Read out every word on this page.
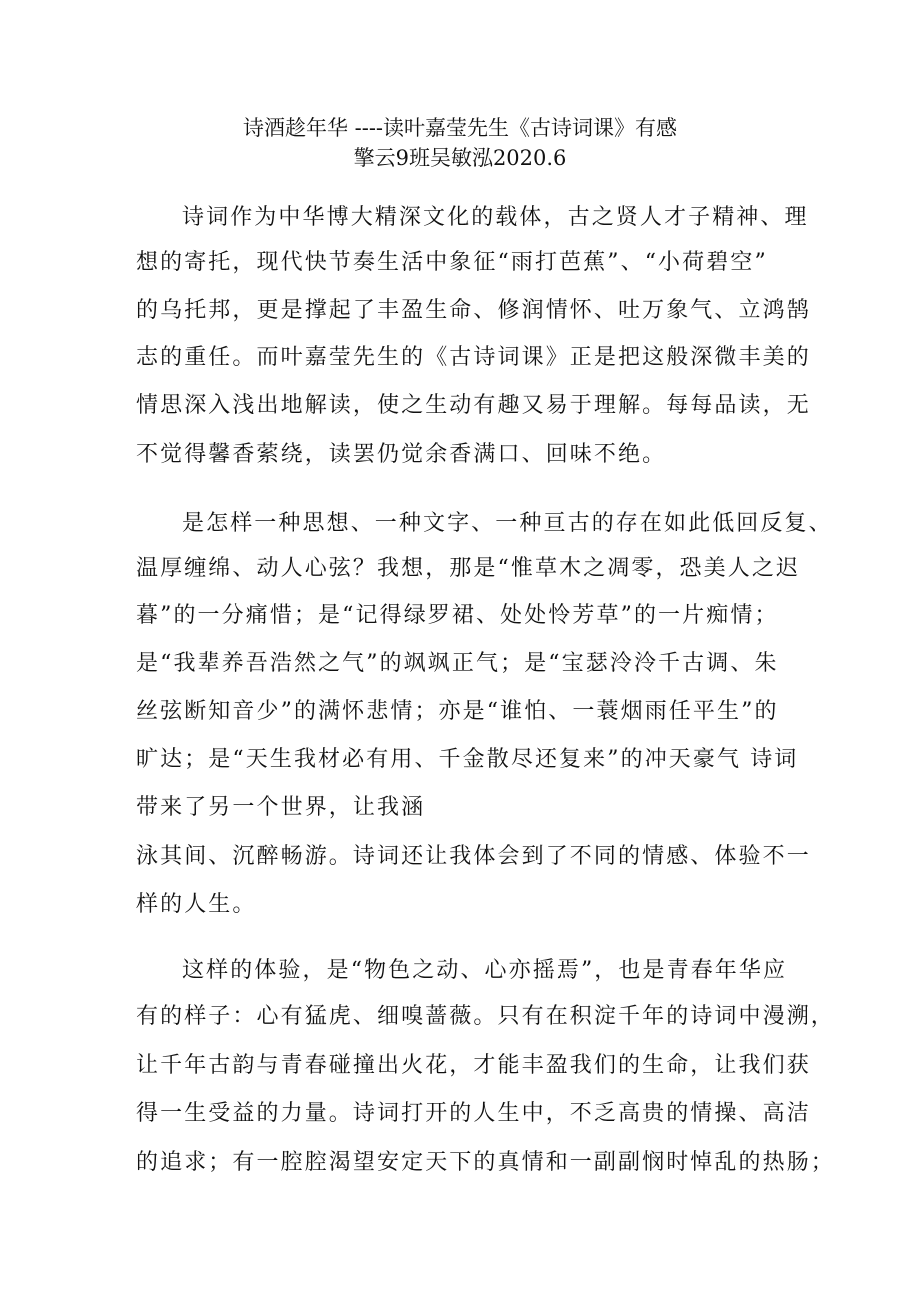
诗酒趁年华 ----读叶嘉莹先生《古诗词课》有感
擎云9班吴敏泓2020.6
诗词作为中华博大精深文化的载体，古之贤人才子精神、理
想的寄托，现代快节奏生活中象征“雨打芭蕉”、“小荷碧空”
的乌托邦，更是撑起了丰盈生命、修润情怀、吐万象气、立鸿鹄
志的重任。而叶嘉莹先生的《古诗词课》正是把这般深微丰美的
情思深入浅出地解读，使之生动有趣又易于理解。每每品读，无
不觉得馨香萦绕，读罢仍觉余香满口、回味不绝。
是怎样一种思想、一种文字、一种亘古的存在如此低回反复、
温厚缠绵、动人心弦？我想，那是“惟草木之凋零，恐美人之迟
暮”的一分痛惜；是“记得绿罗裙、处处怜芳草”的一片痴情；
是“我辈养吾浩然之气”的飒飒正气；是“宝瑟泠泠千古调、朱
丝弦断知音少”的满怀悲情；亦是“谁怕、一蓑烟雨任平生”的
旷达；是“天生我材必有用、千金散尽还复来”的冲天豪气 诗词
带来了另一个世界，让我涵
泳其间、沉醉畅游。诗词还让我体会到了不同的情感、体验不一
样的人生。
这样的体验，是“物色之动、心亦摇焉”，也是青春年华应
有的样子：心有猛虎、细嗅蔷薇。只有在积淀千年的诗词中漫溯，
让千年古韵与青春碰撞出火花，才能丰盈我们的生命，让我们获
得一生受益的力量。诗词打开的人生中，不乏高贵的情操、高洁
的追求；有一腔腔渴望安定天下的真情和一副副悯时悼乱的热肠；
